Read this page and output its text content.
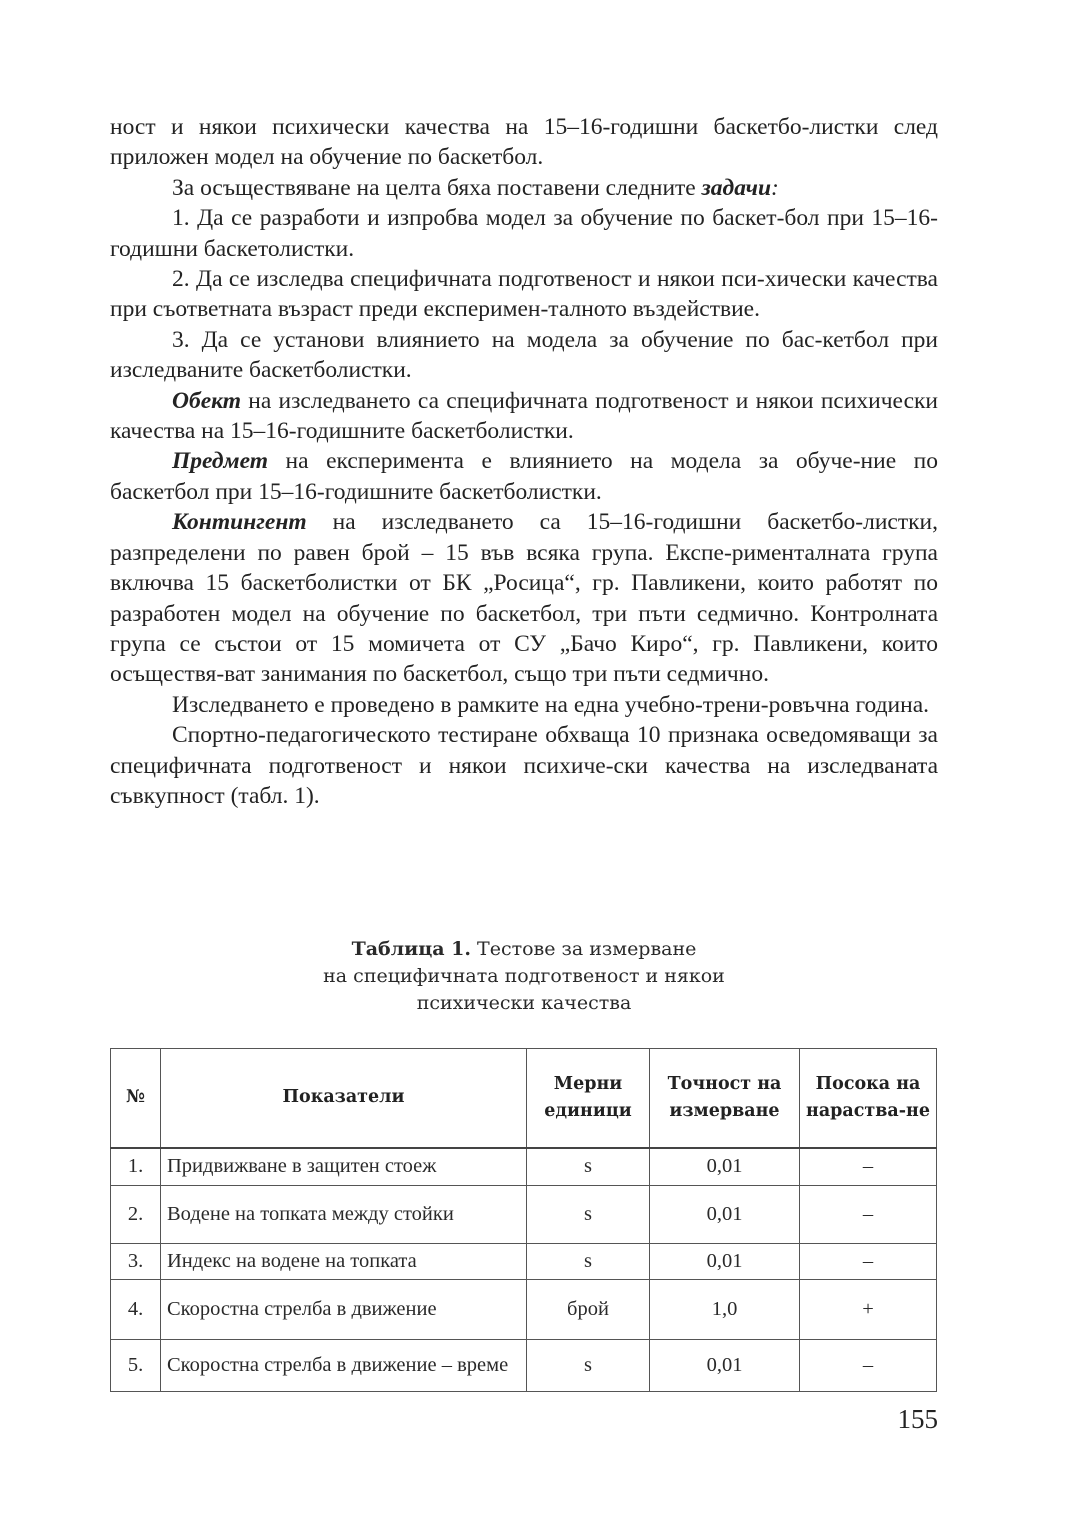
ност и някои психически качества на 15–16-годишни баскетбо-листки след приложен модел на обучение по баскетбол.

За осъществяване на целта бяха поставени следните задачи:

1. Да се разработи и изпробва модел за обучение по баскет-бол при 15–16-годишни баскетолистки.

2. Да се изследва специфичната подготвеност и някои пси-хически качества при съответната възраст преди експеримен-талното въздействие.

3. Да се установи влиянието на модела за обучение по бас-кетбол при изследваните баскетболистки.

Обект на изследването са специфичната подготвеност и някои психически качества на 15–16-годишните баскетболистки.

Предмет на експеримента е влиянието на модела за обуче-ние по баскетбол при 15–16-годишните баскетболистки.

Контингент на изследването са 15–16-годишни баскетбо-листки, разпределени по равен брой – 15 във всяка група. Експе-рименталната група включва 15 баскетболистки от БК „Росица“, гр. Павликени, които работят по разработен модел на обучение по баскетбол, три пъти седмично. Контролната група се състои от 15 момичета от СУ „Бачо Киро“, гр. Павликени, които осъществя-ват занимания по баскетбол, също три пъти седмично.

Изследването е проведено в рамките на една учебно-трени-ровъчна година.

Спортно-педагогическото тестиране обхваща 10 признака осведомяващи за специфичната подготвеност и някои психиче-ски качества на изследваната съвкупност (табл. 1).

Таблица 1. Тестове за измерване
на специфичната подготвеност и някои
психически качества
№	Показатели	Мерни единици	Точност на измерване	Посока на нараства-не
1.	Придвижване в защитен стоеж	s	0,01	–
2.	Водене на топката между стойки	s	0,01	–
3.	Индекс на водене на топката	s	0,01	–
4.	Скоростна стрелба в движение	брой	1,0	+
5.	Скоростна стрелба в движение – време	s	0,01	–
155
